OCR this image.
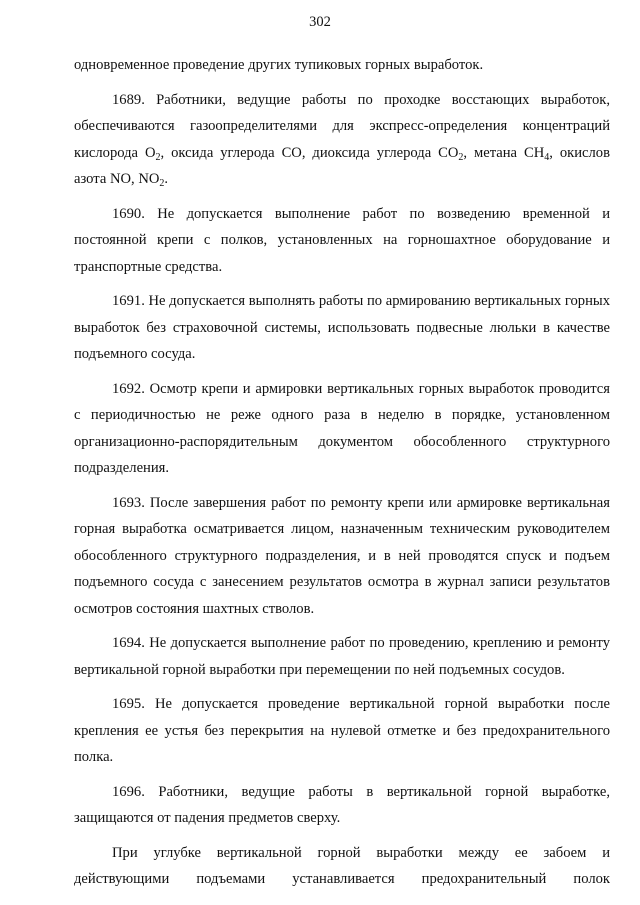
302

одновременное проведение других тупиковых горных выработок.

1689. Работники, ведущие работы по проходке восстающих выработок, обеспечиваются газоопределителями для экспресс-определения концентраций кислорода $O_2$, оксида углерода CO, диоксида углерода $CO_2$, метана $CH_4$, окислов азота NO, $NO_2$.

1690. Не допускается выполнение работ по возведению временной и постоянной крепи с полков, установленных на горношахтное оборудование и транспортные средства.

1691. Не допускается выполнять работы по армированию вертикальных горных выработок без страховочной системы, использовать подвесные люльки в качестве подъемного сосуда.

1692. Осмотр крепи и армировки вертикальных горных выработок проводится с периодичностью не реже одного раза в неделю в порядке, установленном организационно-распорядительным документом обособленного структурного подразделения.

1693. После завершения работ по ремонту крепи или армировке вертикальная горная выработка осматривается лицом, назначенным техническим руководителем обособленного структурного подразделения, и в ней проводятся спуск и подъем подъемного сосуда с занесением результатов осмотра в журнал записи результатов осмотров состояния шахтных стволов.

1694. Не допускается выполнение работ по проведению, креплению и ремонту вертикальной горной выработки при перемещении по ней подъемных сосудов.

1695. Не допускается проведение вертикальной горной выработки после крепления ее устья без перекрытия на нулевой отметке и без предохранительного полка.

1696. Работники, ведущие работы в вертикальной горной выработке, защищаются от падения предметов сверху.

При углубке вертикальной горной выработки между ее забоем и действующими подъемами устанавливается предохранительный полок
